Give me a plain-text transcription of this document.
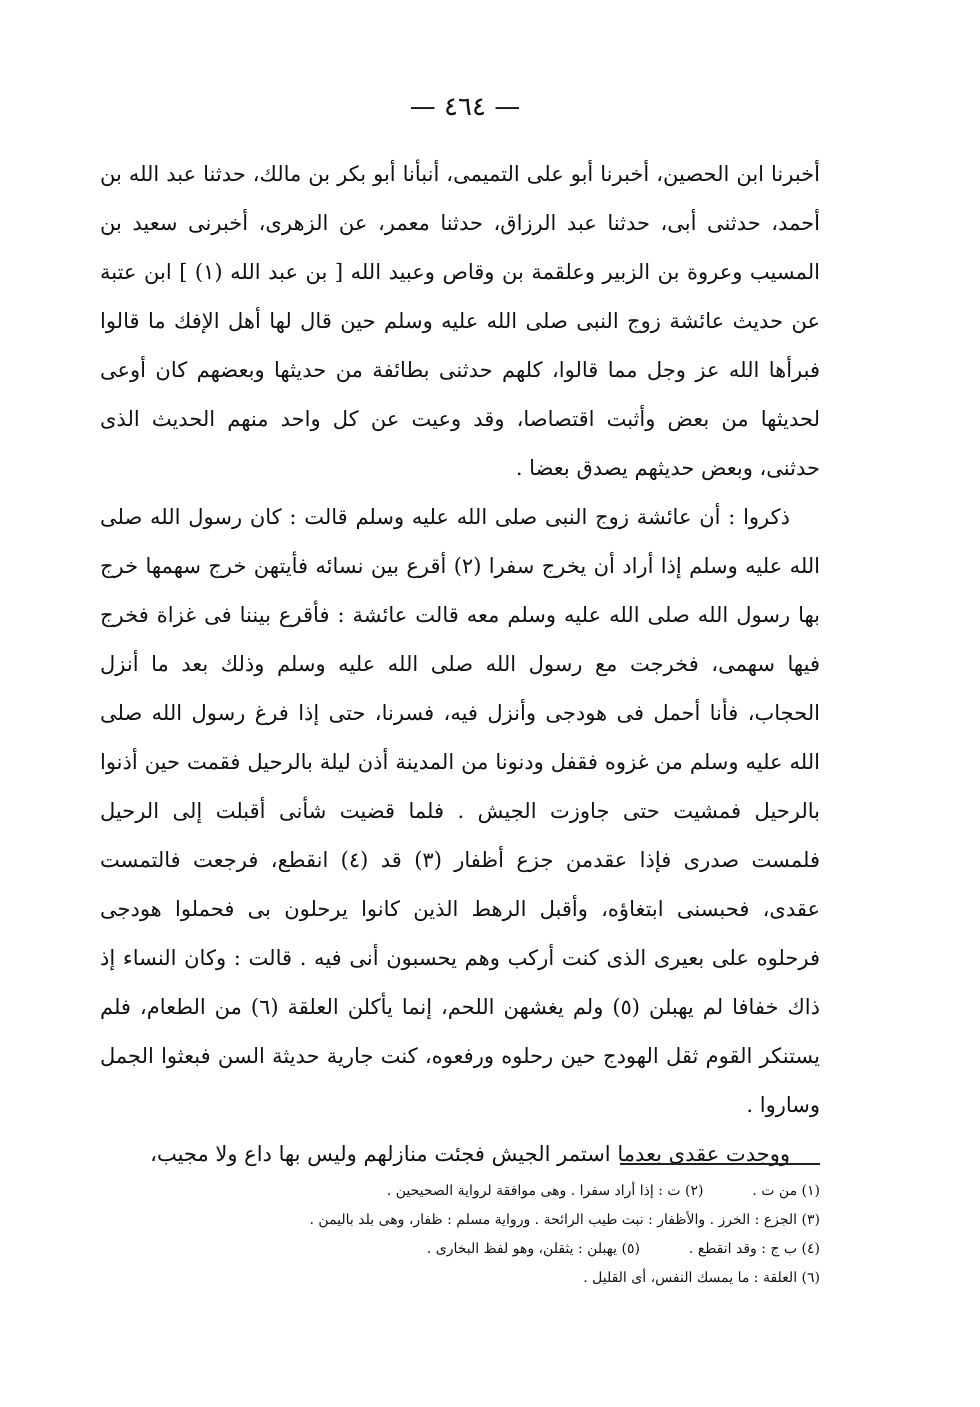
— ٤٦٤ —

أخبرنا ابن الحصين، أخبرنا أبو على التميمى، أنبأنا أبو بكر بن مالك، حدثنا عبد الله بن أحمد، حدثنى أبى، حدثنا عبد الرزاق، حدثنا معمر، عن الزهرى، أخبرنى سعيد بن المسيب وعروة بن الزبير وعلقمة بن وقاص وعبيد الله [ بن عبد الله (١) ] ابن عتبة عن حديث عائشة زوج النبى صلى الله عليه وسلم حين قال لها أهل الإفك ما قالوا فبرأها الله عز وجل مما قالوا، كلهم حدثنى بطائفة من حديثها وبعضهم كان أوعى لحديثها من بعض وأثبت اقتصاصا، وقد وعيت عن كل واحد منهم الحديث الذى حدثنى، وبعض حديثهم يصدق بعضا .

ذكروا : أن عائشة زوج النبى صلى الله عليه وسلم قالت : كان رسول الله صلى الله عليه وسلم إذا أراد أن يخرج سفرا (٢) أقرع بين نسائه فأيتهن خرج سهمها خرج بها رسول الله صلى الله عليه وسلم معه قالت عائشة : فأقرع بيننا فى غزاة فخرج فيها سهمى، فخرجت مع رسول الله صلى الله عليه وسلم وذلك بعد ما أنزل الحجاب، فأنا أحمل فى هودجى وأنزل فيه، فسرنا، حتى إذا فرغ رسول الله صلى الله عليه وسلم من غزوه فقفل ودنونا من المدينة أذن ليلة بالرحيل فقمت حين أذنوا بالرحيل فمشيت حتى جاوزت الجيش . فلما قضيت شأنى أقبلت إلى الرحيل فلمست صدرى فإذا عقدمن جزع أظفار (٣) قد (٤) انقطع، فرجعت فالتمست عقدى، فحبسنى ابتغاؤه، وأقبل الرهط الذين كانوا يرحلون بى فحملوا هودجى فرحلوه على بعيرى الذى كنت أركب وهم يحسبون أنى فيه . قالت : وكان النساء إذ ذاك خفافا لم يهبلن (٥) ولم يغشهن اللحم، إنما يأكلن العلقة (٦) من الطعام، فلم يستنكر القوم ثقل الهودج حين رحلوه ورفعوه، كنت جارية حديثة السن فبعثوا الجمل وساروا .

ووجدت عقدى بعدما استمر الجيش فجئت منازلهم وليس بها داع ولا مجيب،

(١) من ت .  (٢) ت : إذا أراد سفرا . وهى موافقة لرواية الصحيحين .
(٣) الجزع : الخرز . والأظفار : نبت طيب الرائحة . ورواية مسلم : ظفار، وهى بلد باليمن .
(٤) ب ج : وقد انقطع .  (٥) يهبلن : يثقلن، وهو لفظ البخارى .
(٦) العلقة : ما يمسك النفس، أى القليل .
